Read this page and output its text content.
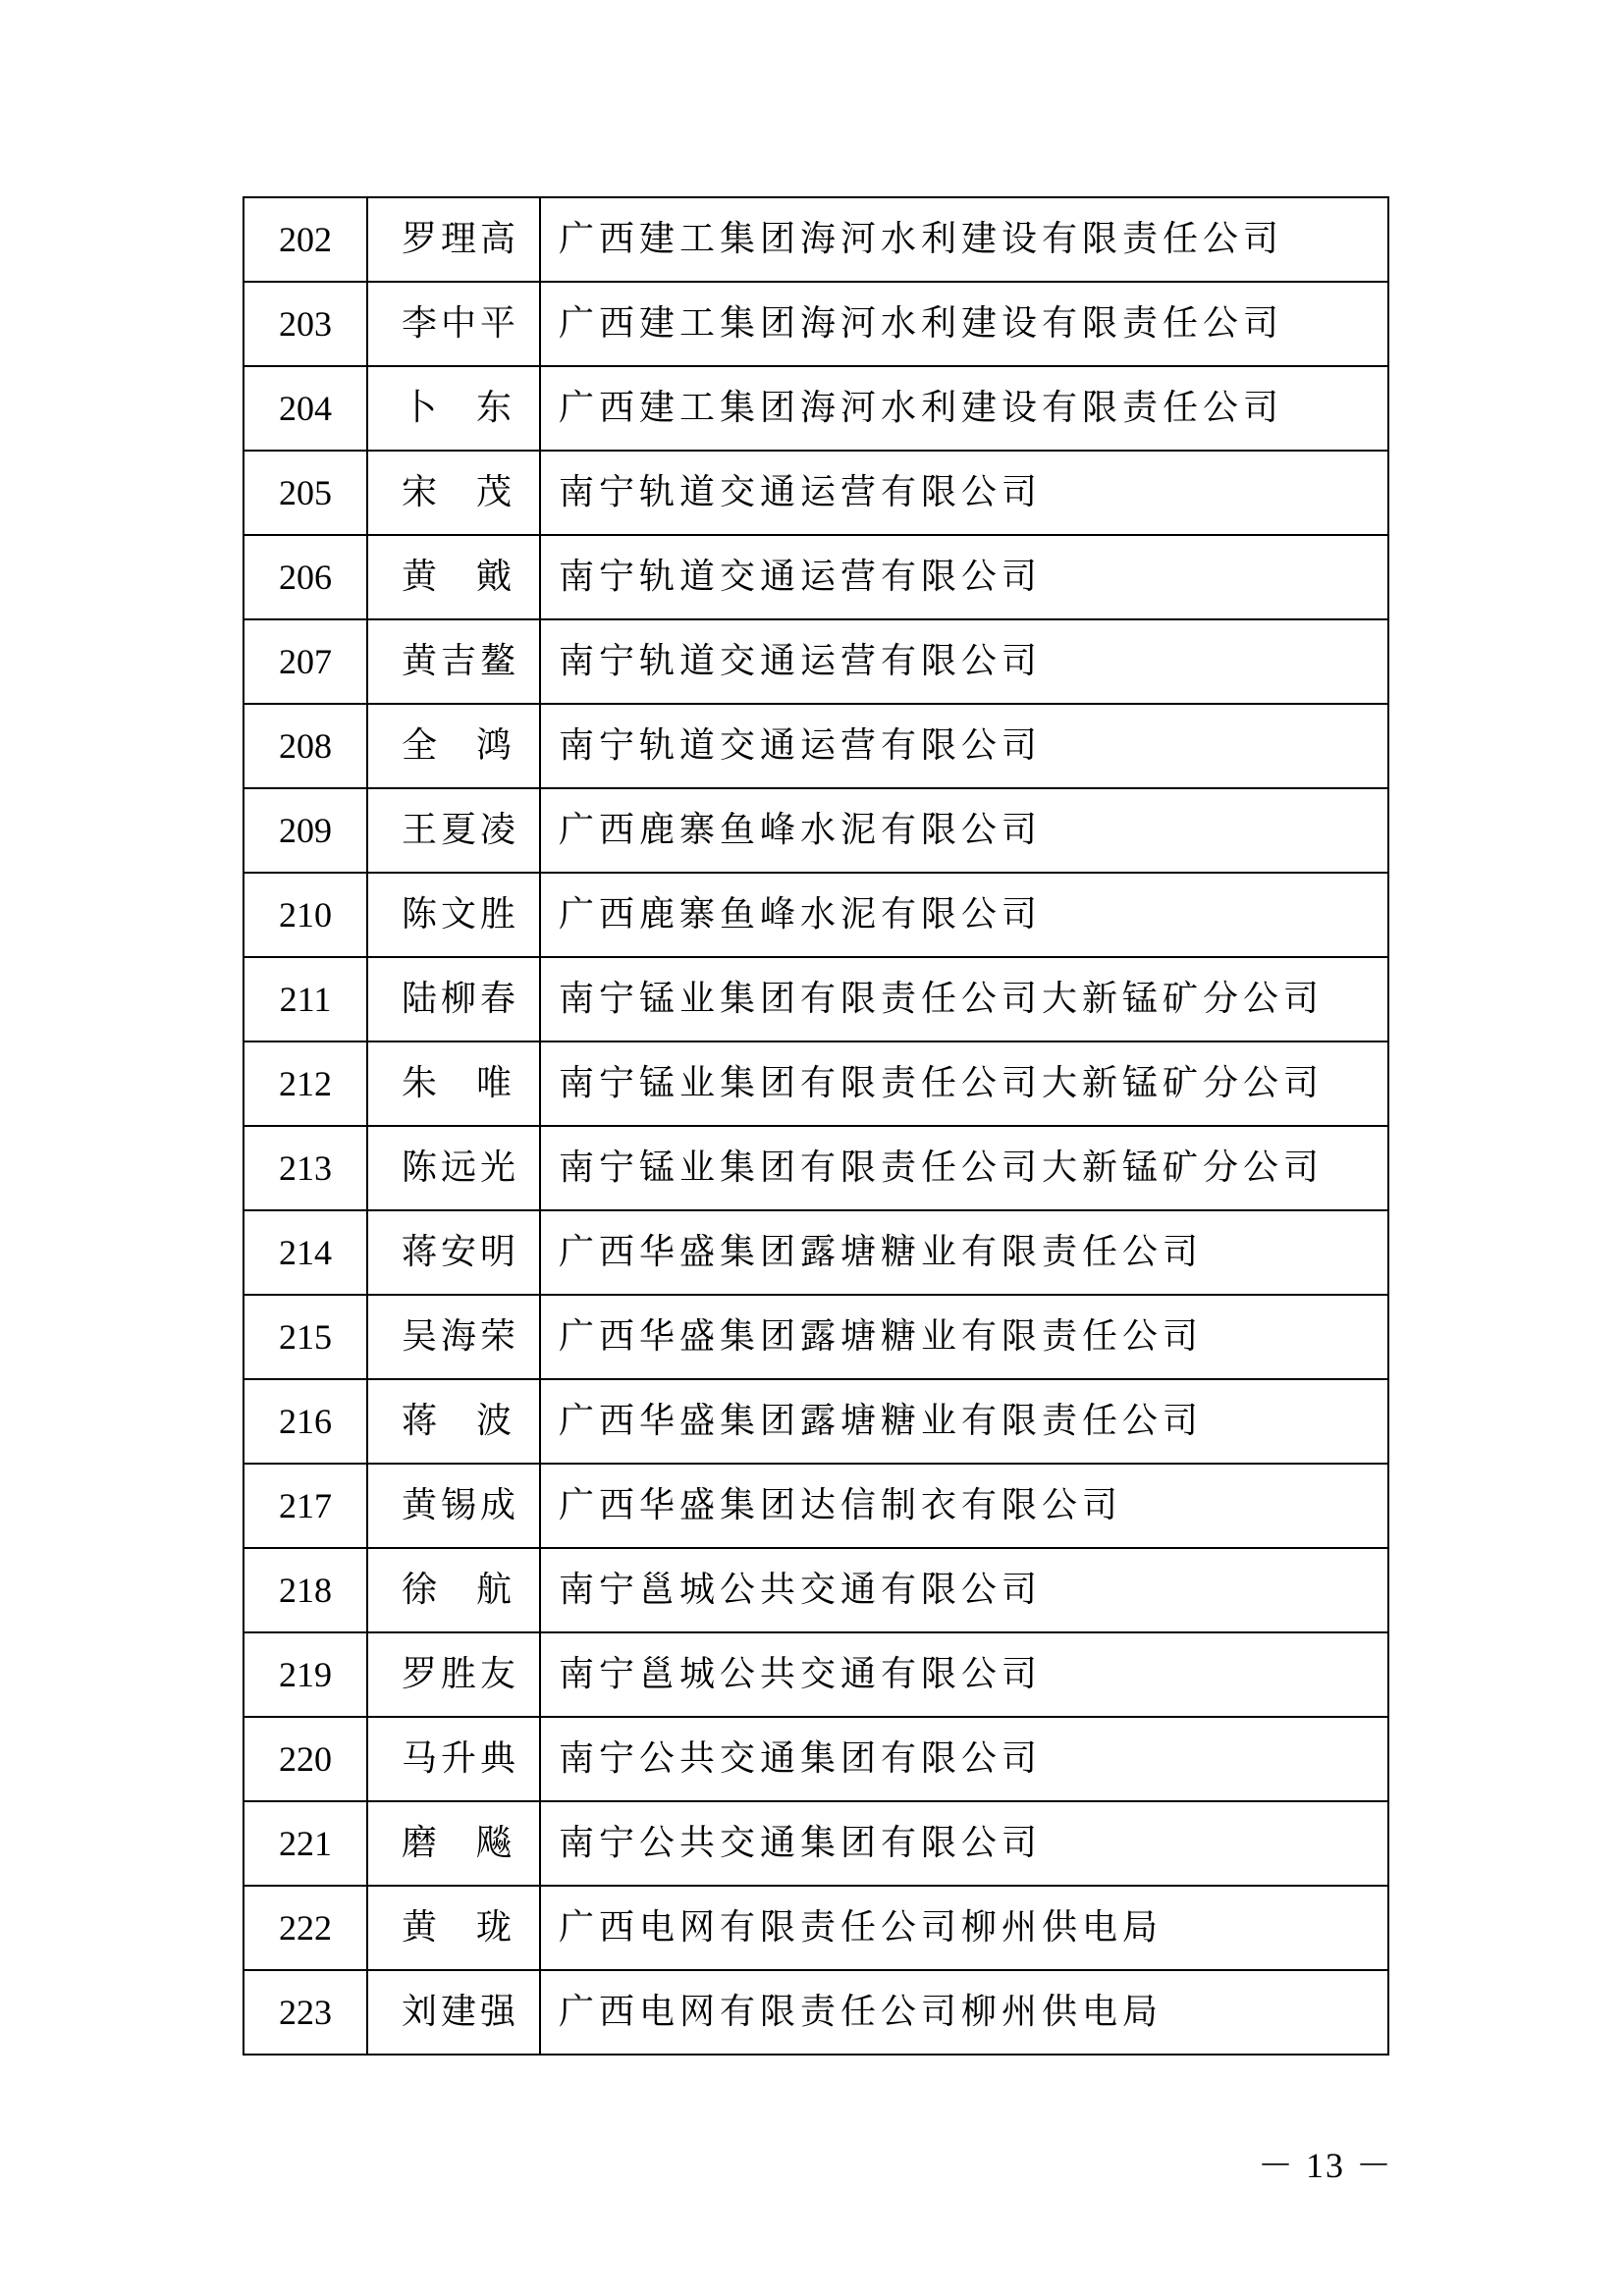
202	罗理高	广西建工集团海河水利建设有限责任公司
203	李中平	广西建工集团海河水利建设有限责任公司
204	卜 东	广西建工集团海河水利建设有限责任公司
205	宋 茂	南宁轨道交通运营有限公司
206	黄 戭	南宁轨道交通运营有限公司
207	黄吉鳌	南宁轨道交通运营有限公司
208	全 鸿	南宁轨道交通运营有限公司
209	王夏凌	广西鹿寨鱼峰水泥有限公司
210	陈文胜	广西鹿寨鱼峰水泥有限公司
211	陆柳春	南宁锰业集团有限责任公司大新锰矿分公司
212	朱 唯	南宁锰业集团有限责任公司大新锰矿分公司
213	陈远光	南宁锰业集团有限责任公司大新锰矿分公司
214	蒋安明	广西华盛集团露塘糖业有限责任公司
215	吴海荣	广西华盛集团露塘糖业有限责任公司
216	蒋 波	广西华盛集团露塘糖业有限责任公司
217	黄锡成	广西华盛集团达信制衣有限公司
218	徐 航	南宁邕城公共交通有限公司
219	罗胜友	南宁邕城公共交通有限公司
220	马升典	南宁公共交通集团有限公司
221	磨 飚	南宁公共交通集团有限公司
222	黄 珑	广西电网有限责任公司柳州供电局
223	刘建强	广西电网有限责任公司柳州供电局
－ 13 －
